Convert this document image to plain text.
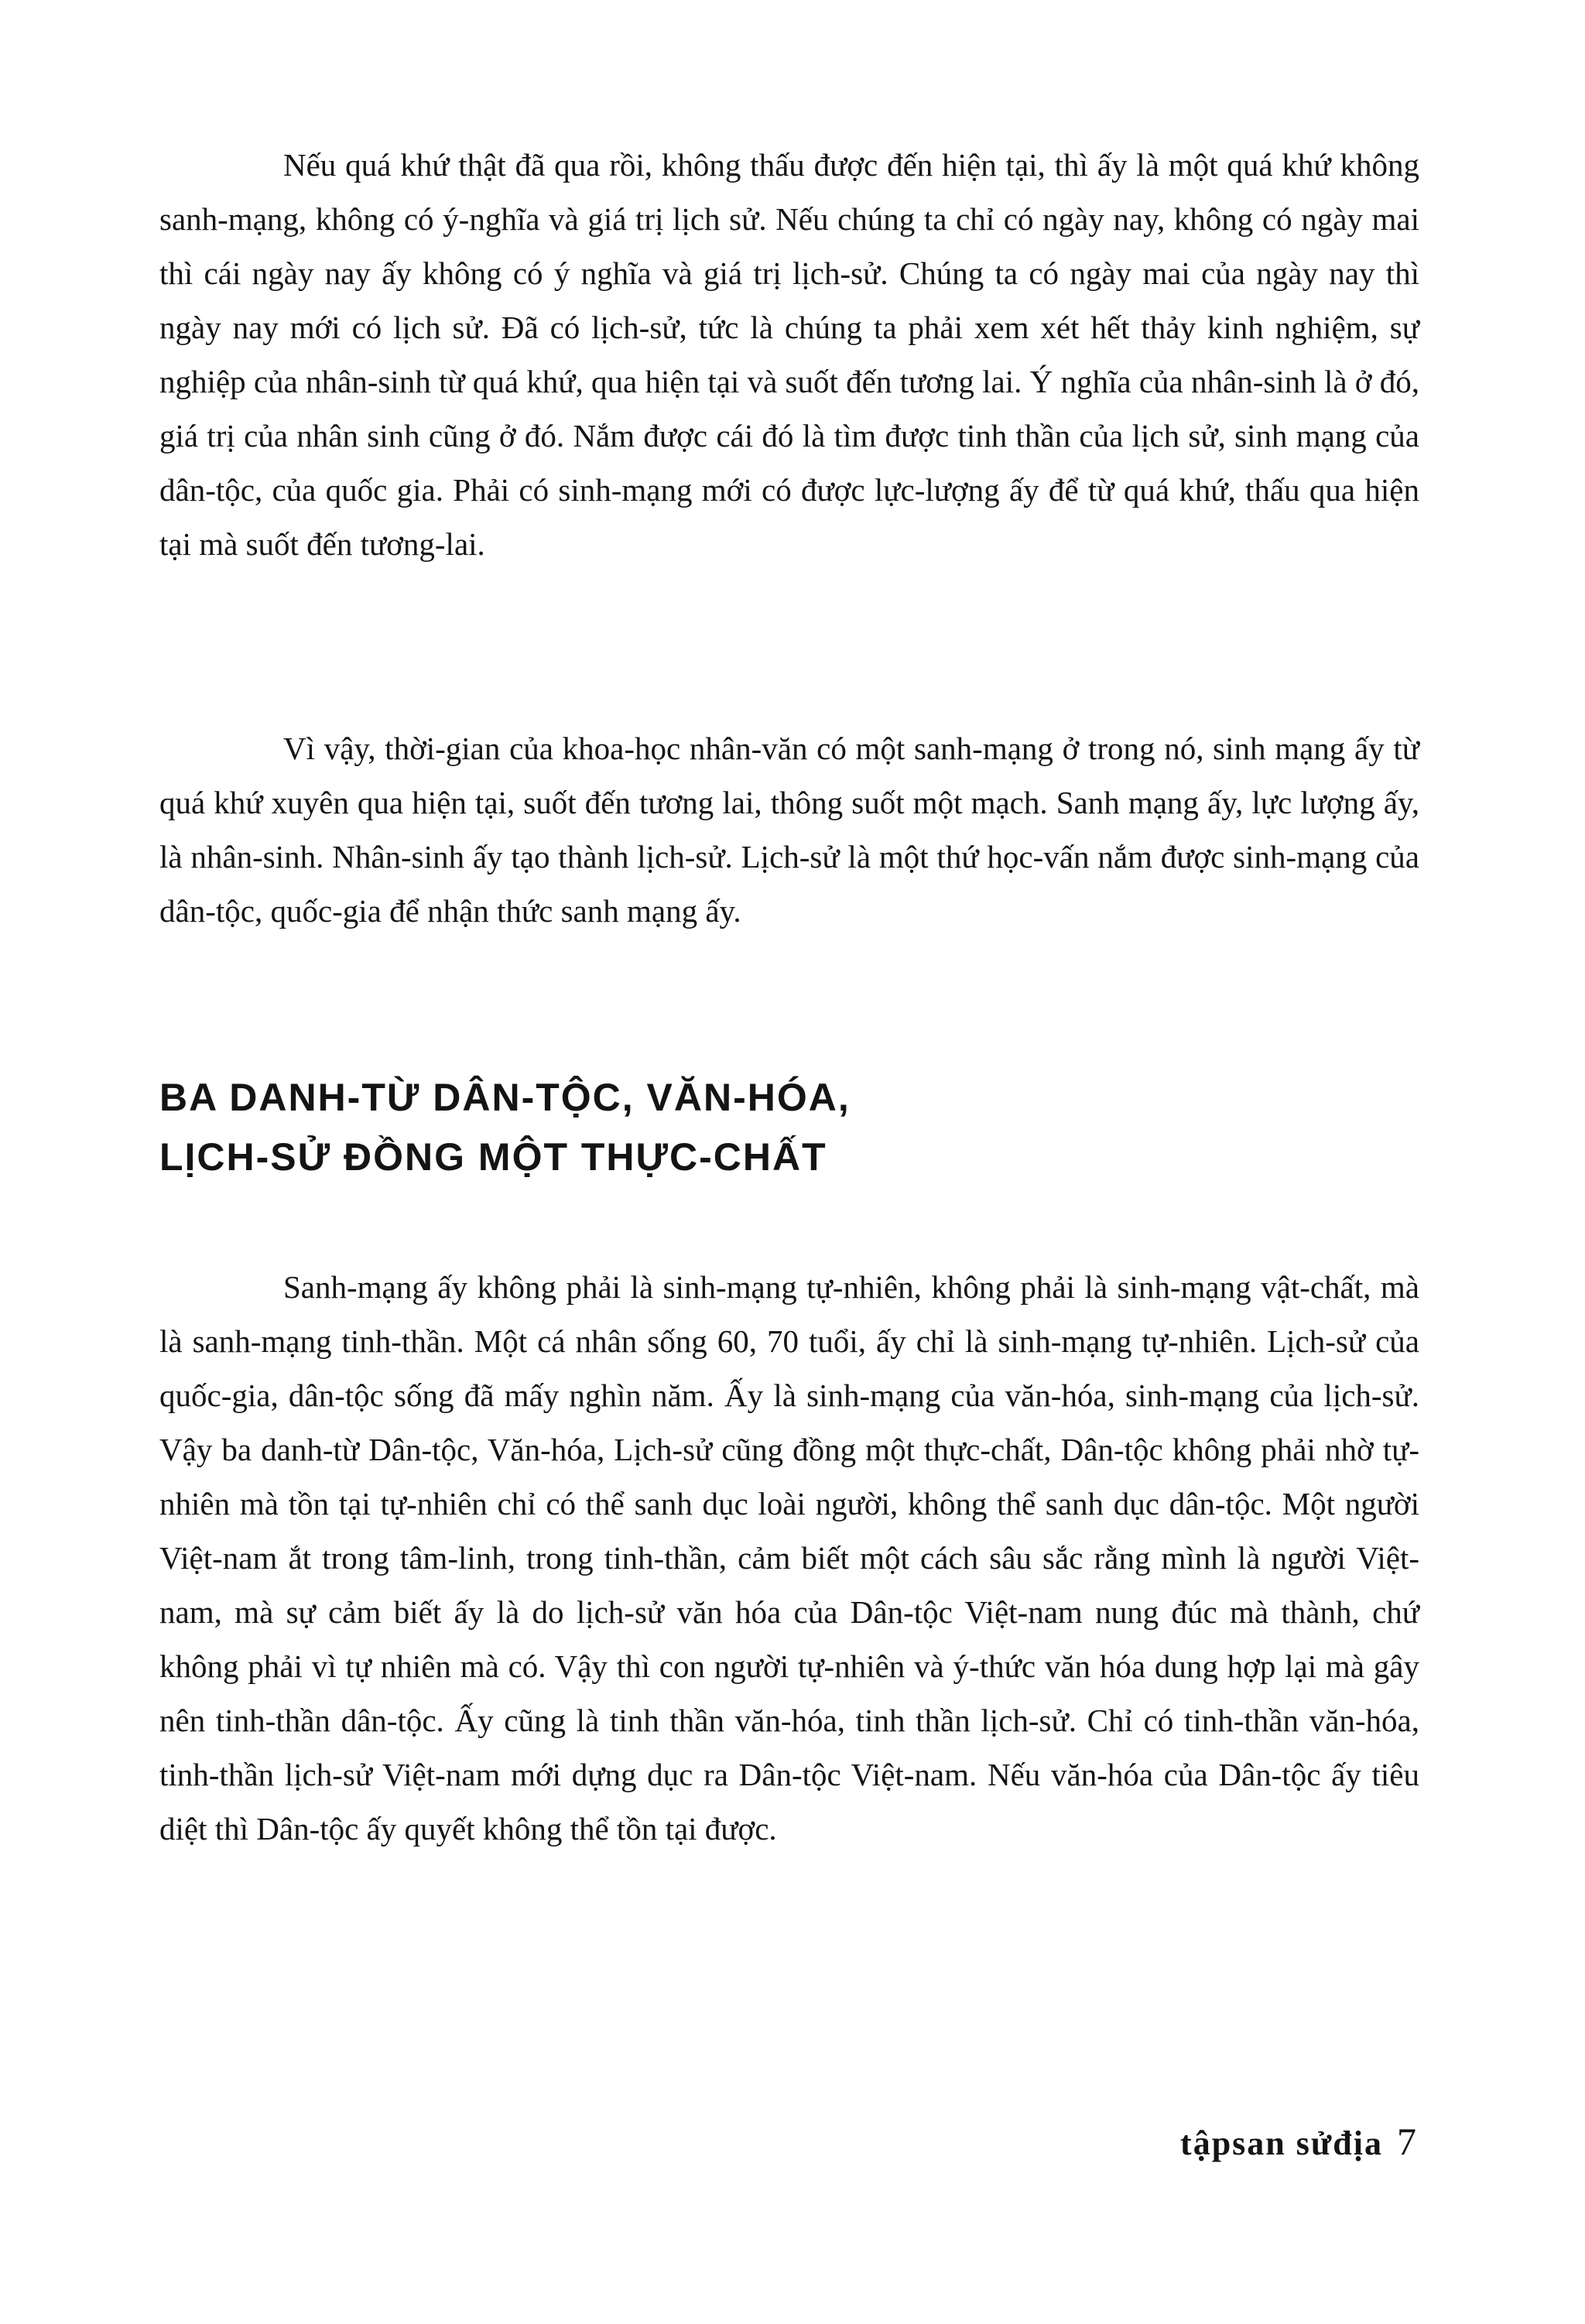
Nếu quá khứ thật đã qua rồi, không thấu được đến hiện tại, thì ấy là một quá khứ không sanh-mạng, không có ý-nghĩa và giá trị lịch sử. Nếu chúng ta chỉ có ngày nay, không có ngày mai thì cái ngày nay ấy không có ý nghĩa và giá trị lịch-sử. Chúng ta có ngày mai của ngày nay thì ngày nay mới có lịch sử. Đã có lịch-sử, tức là chúng ta phải xem xét hết thảy kinh nghiệm, sự nghiệp của nhân-sinh từ quá khứ, qua hiện tại và suốt đến tương lai. Ý nghĩa của nhân-sinh là ở đó, giá trị của nhân sinh cũng ở đó. Nắm được cái đó là tìm được tinh thần của lịch sử, sinh mạng của dân-tộc, của quốc gia. Phải có sinh-mạng mới có được lực-lượng ấy để từ quá khứ, thấu qua hiện tại mà suốt đến tương-lai.

Vì vậy, thời-gian của khoa-học nhân-văn có một sanh-mạng ở trong nó, sinh mạng ấy từ quá khứ xuyên qua hiện tại, suốt đến tương lai, thông suốt một mạch. Sanh mạng ấy, lực lượng ấy, là nhân-sinh. Nhân-sinh ấy tạo thành lịch-sử. Lịch-sử là một thứ học-vấn nắm được sinh-mạng của dân-tộc, quốc-gia để nhận thức sanh mạng ấy.

BA DANH-TỪ DÂN-TỘC, VĂN-HÓA,
LỊCH-SỬ ĐỒNG MỘT THỰC-CHẤT

Sanh-mạng ấy không phải là sinh-mạng tự-nhiên, không phải là sinh-mạng vật-chất, mà là sanh-mạng tinh-thần. Một cá nhân sống 60, 70 tuổi, ấy chỉ là sinh-mạng tự-nhiên. Lịch-sử của quốc-gia, dân-tộc sống đã mấy nghìn năm. Ấy là sinh-mạng của văn-hóa, sinh-mạng của lịch-sử. Vậy ba danh-từ Dân-tộc, Văn-hóa, Lịch-sử cũng đồng một thực-chất, Dân-tộc không phải nhờ tự-nhiên mà tồn tại tự-nhiên chỉ có thể sanh dục loài người, không thể sanh dục dân-tộc. Một người Việt-nam ắt trong tâm-linh, trong tinh-thần, cảm biết một cách sâu sắc rằng mình là người Việt-nam, mà sự cảm biết ấy là do lịch-sử văn hóa của Dân-tộc Việt-nam nung đúc mà thành, chứ không phải vì tự nhiên mà có. Vậy thì con người tự-nhiên và ý-thức văn hóa dung hợp lại mà gây nên tinh-thần dân-tộc. Ấy cũng là tinh thần văn-hóa, tinh thần lịch-sử. Chỉ có tinh-thần văn-hóa, tinh-thần lịch-sử Việt-nam mới dựng dục ra Dân-tộc Việt-nam. Nếu văn-hóa của Dân-tộc ấy tiêu diệt thì Dân-tộc ấy quyết không thể tồn tại được.

tậpsan sửđịa 7
